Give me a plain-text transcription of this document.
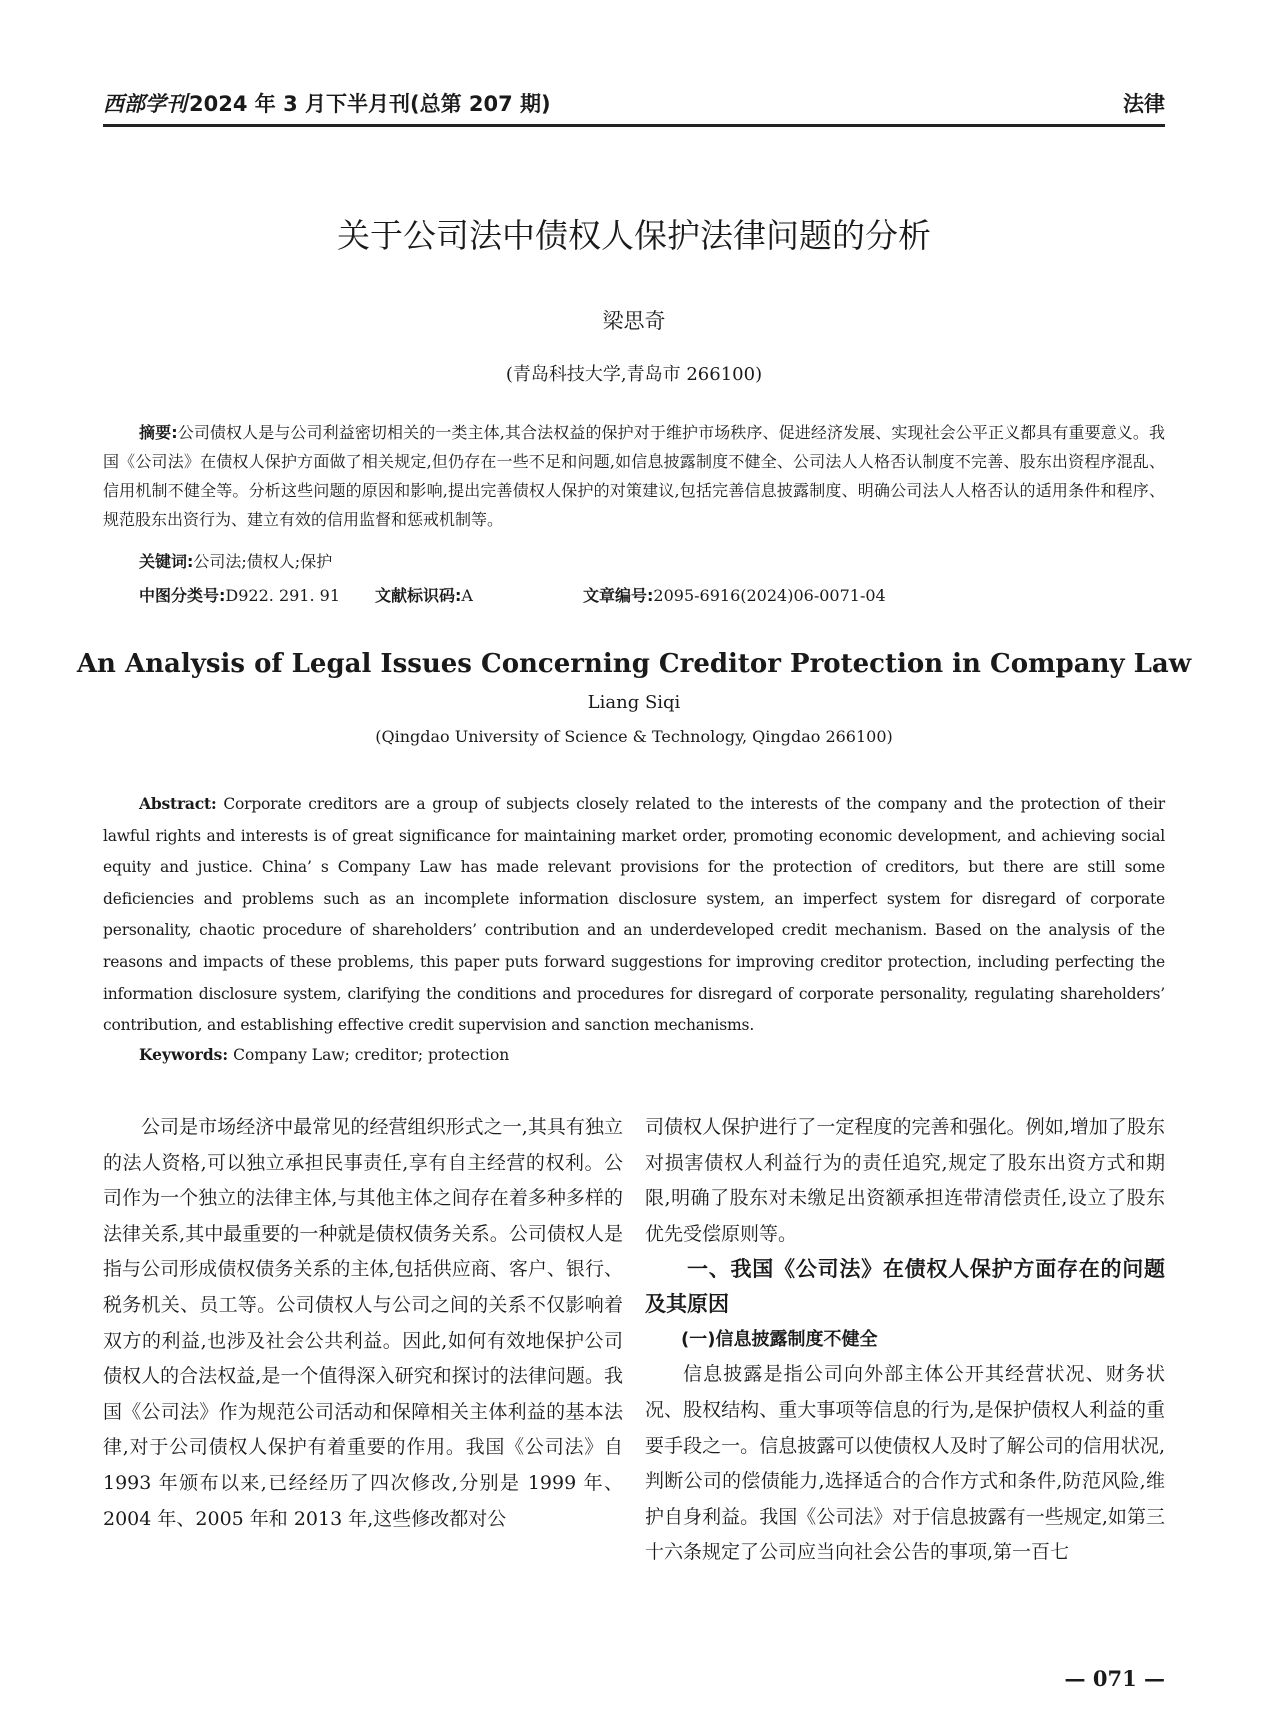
西部学刊2024 年 3 月下半月刊(总第 207 期)	法律
关于公司法中债权人保护法律问题的分析
梁思奇
(青岛科技大学,青岛市 266100)
摘要:公司债权人是与公司利益密切相关的一类主体,其合法权益的保护对于维护市场秩序、促进经济发展、实现社会公平正义都具有重要意义。我国《公司法》在债权人保护方面做了相关规定,但仍存在一些不足和问题,如信息披露制度不健全、公司法人人格否认制度不完善、股东出资程序混乱、信用机制不健全等。分析这些问题的原因和影响,提出完善债权人保护的对策建议,包括完善信息披露制度、明确公司法人人格否认的适用条件和程序、规范股东出资行为、建立有效的信用监督和惩戒机制等。
关键词:公司法;债权人;保护
中图分类号:D922. 291. 91 文献标识码:A	文章编号:2095-6916(2024)06-0071-04
An Analysis of Legal Issues Concerning Creditor Protection in Company Law
Liang Siqi
(Qingdao University of Science & Technology, Qingdao 266100)
Abstract: Corporate creditors are a group of subjects closely related to the interests of the company and the protection of their lawful rights and interests is of great significance for maintaining market order, promoting economic development, and achieving social equity and justice. China’ s Company Law has made relevant provisions for the protection of creditors, but there are still some deficiencies and problems such as an incomplete information disclosure system, an imperfect system for disregard of corporate personality, chaotic procedure of shareholders’ contribution and an underdeveloped credit mechanism. Based on the analysis of the reasons and impacts of these problems, this paper puts forward suggestions for improving creditor protection, including perfecting the information disclosure system, clarifying the conditions and procedures for disregard of corporate personality, regulating shareholders’ contribution, and establishing effective credit supervision and sanction mechanisms.
Keywords: Company Law; creditor; protection

公司是市场经济中最常见的经营组织形式之一,其具有独立的法人资格,可以独立承担民事责任,享有自主经营的权利。公司作为一个独立的法律主体,与其他主体之间存在着多种多样的法律关系,其中最重要的一种就是债权债务关系。公司债权人是指与公司形成债权债务关系的主体,包括供应商、客户、银行、税务机关、员工等。公司债权人与公司之间的关系不仅影响着双方的利益,也涉及社会公共利益。因此,如何有效地保护公司债权人的合法权益,是一个值得深入研究和探讨的法律问题。我国《公司法》作为规范公司活动和保障相关主体利益的基本法律,对于公司债权人保护有着重要的作用。我国《公司法》自 1993 年颁布以来,已经经历了四次修改,分别是 1999 年、2004 年、2005 年和 2013 年,这些修改都对公

司债权人保护进行了一定程度的完善和强化。例如,增加了股东对损害债权人利益行为的责任追究,规定了股东出资方式和期限,明确了股东对未缴足出资额承担连带清偿责任,设立了股东优先受偿原则等。

一、我国《公司法》在债权人保护方面存在的问题及其原因

(一)信息披露制度不健全

信息披露是指公司向外部主体公开其经营状况、财务状况、股权结构、重大事项等信息的行为,是保护债权人利益的重要手段之一。信息披露可以使债权人及时了解公司的信用状况,判断公司的偿债能力,选择适合的合作方式和条件,防范风险,维护自身利益。我国《公司法》对于信息披露有一些规定,如第三十六条规定了公司应当向社会公告的事项,第一百七

— 071 —
